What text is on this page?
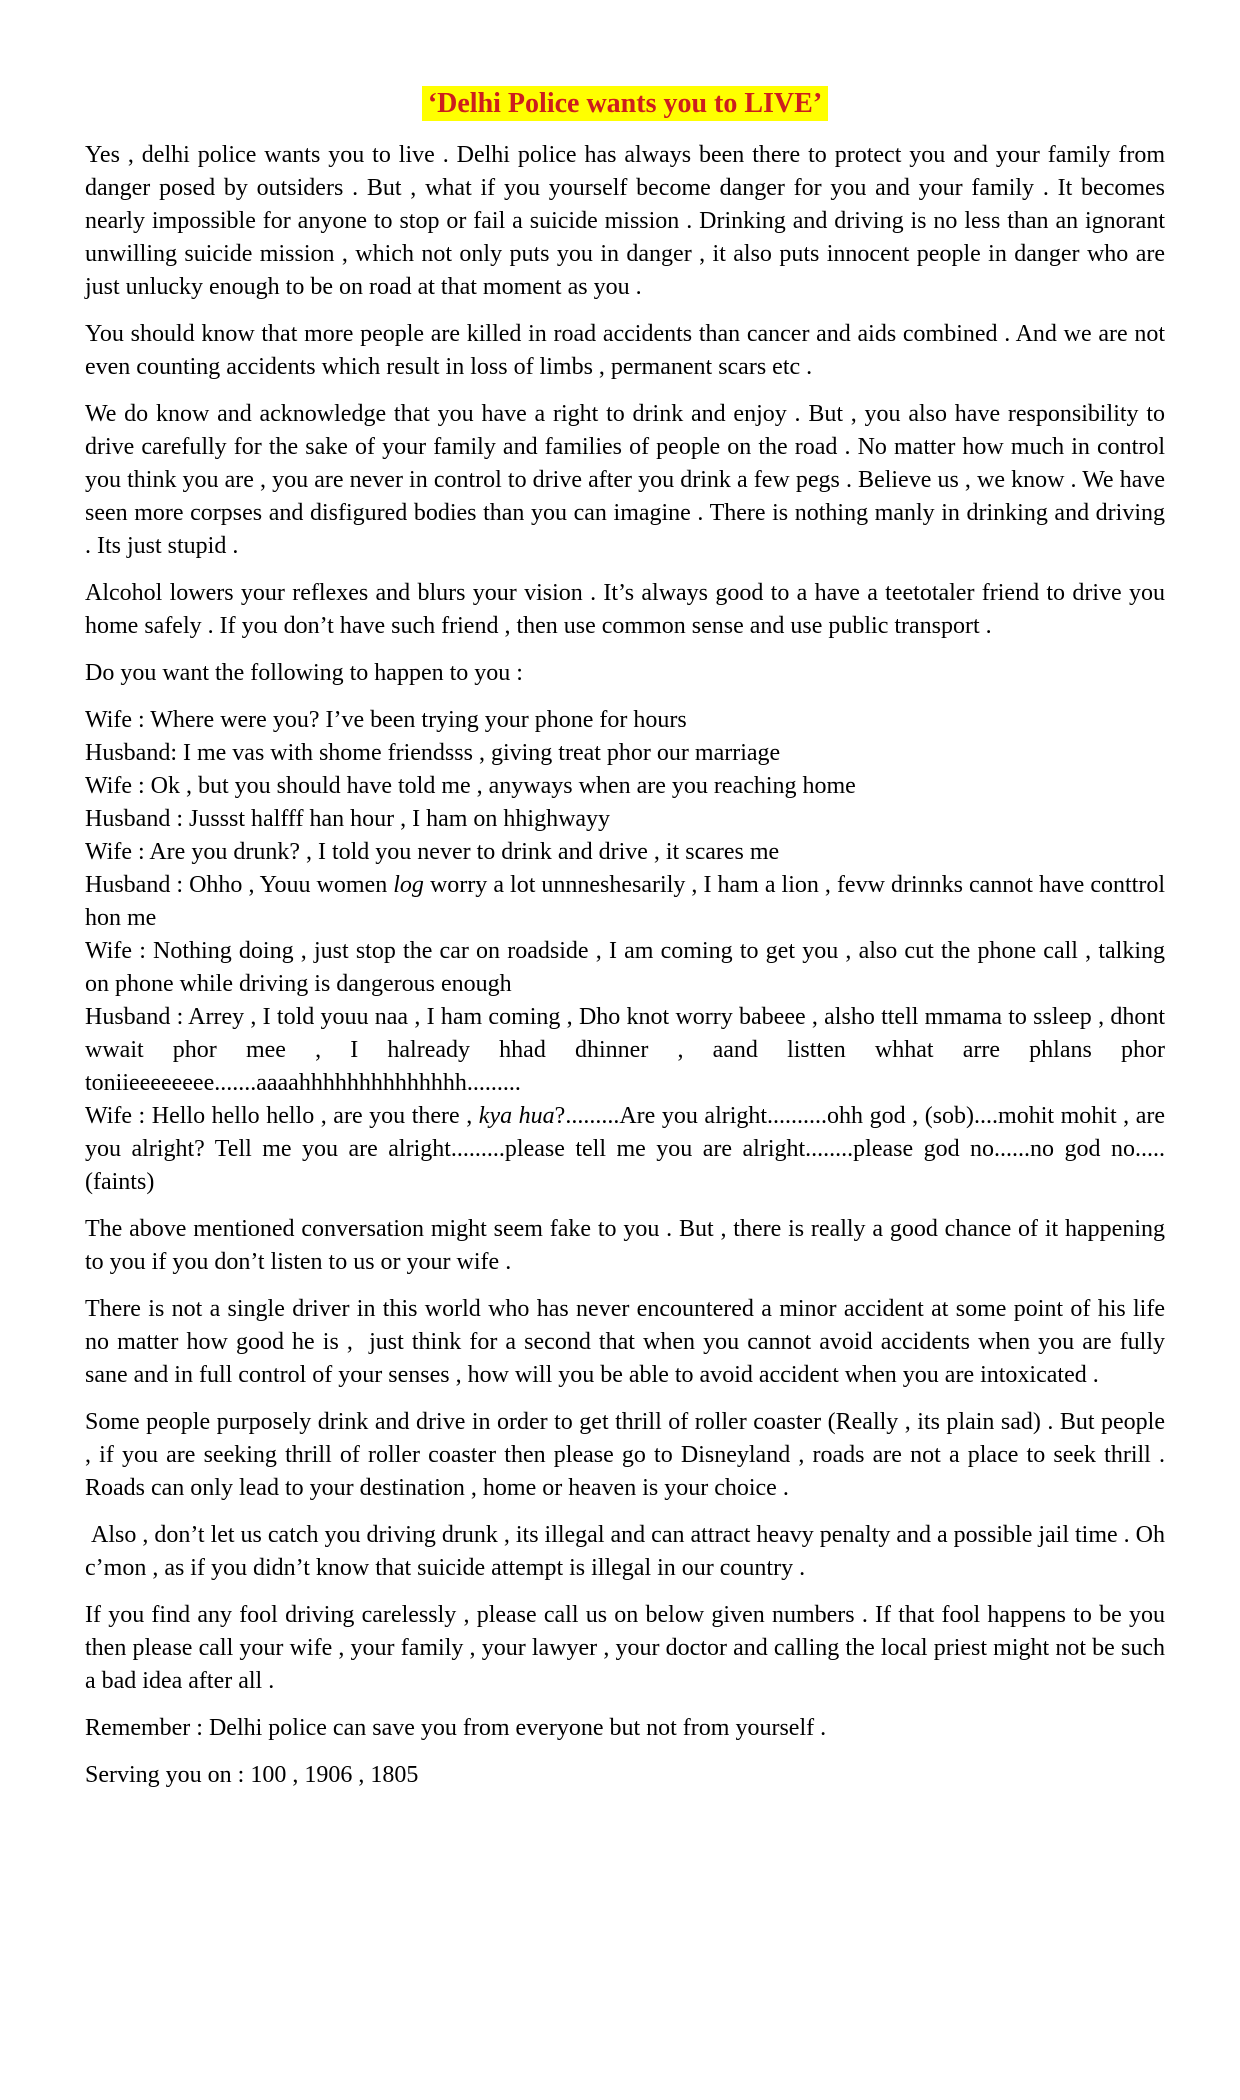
‘Delhi Police wants you to LIVE’
Yes , delhi police wants you to live . Delhi police has always been there to protect you and your family from danger posed by outsiders . But , what if you yourself become danger for you and your family . It becomes nearly impossible for anyone to stop or fail a suicide mission . Drinking and driving is no less than an ignorant unwilling suicide mission , which not only puts you in danger , it also puts innocent people in danger who are just unlucky enough to be on road at that moment as you .
You should know that more people are killed in road accidents than cancer and aids combined . And we are not even counting accidents which result in loss of limbs , permanent scars etc .
We do know and acknowledge that you have a right to drink and enjoy . But , you also have responsibility to drive carefully for the sake of your family and families of people on the road . No matter how much in control you think you are , you are never in control to drive after you drink a few pegs . Believe us , we know . We have seen more corpses and disfigured bodies than you can imagine . There is nothing manly in drinking and driving . Its just stupid .
Alcohol lowers your reflexes and blurs your vision . It’s always good to a have a teetotaler friend to drive you home safely . If you don’t have such friend , then use common sense and use public transport .
Do you want the following to happen to you :
Wife : Where were you? I’ve been trying your phone for hours
Husband: I me vas with shome friendsss , giving treat phor our marriage
Wife : Ok , but you should have told me , anyways when are you reaching home
Husband : Jussst halfff han hour , I ham on hhighwayy
Wife : Are you drunk? , I told you never to drink and drive , it scares me
Husband : Ohho , Youu women log worry a lot unnneshesarily , I ham a lion , fevw drinnks cannot have conttrol hon me
Wife : Nothing doing , just stop the car on roadside , I am coming to get you , also cut the phone call , talking on phone while driving is dangerous enough
Husband : Arrey , I told youu naa , I ham coming , Dho knot worry babeee , alsho ttell mmama to ssleep , dhont wwait phor mee , I halready hhad dhinner , aand listten whhat arre phlans phor toniieeeeeeee.......aaaahhhhhhhhhhhhhh.........
Wife : Hello hello hello , are you there , kya hua?.........Are you alright..........ohh god , (sob)....mohit mohit , are you alright? Tell me you are alright.........please tell me you are alright........please god no......no god no.....(faints)
The above mentioned conversation might seem fake to you . But , there is really a good chance of it happening to you if you don’t listen to us or your wife .
There is not a single driver in this world who has never encountered a minor accident at some point of his life no matter how good he is ,  just think for a second that when you cannot avoid accidents when you are fully sane and in full control of your senses , how will you be able to avoid accident when you are intoxicated .
Some people purposely drink and drive in order to get thrill of roller coaster (Really , its plain sad) . But people , if you are seeking thrill of roller coaster then please go to Disneyland , roads are not a place to seek thrill . Roads can only lead to your destination , home or heaven is your choice .
Also , don’t let us catch you driving drunk , its illegal and can attract heavy penalty and a possible jail time . Oh c’mon , as if you didn’t know that suicide attempt is illegal in our country .
If you find any fool driving carelessly , please call us on below given numbers . If that fool happens to be you then please call your wife , your family , your lawyer , your doctor and calling the local priest might not be such a bad idea after all .
Remember : Delhi police can save you from everyone but not from yourself .
Serving you on : 100 , 1906 , 1805
